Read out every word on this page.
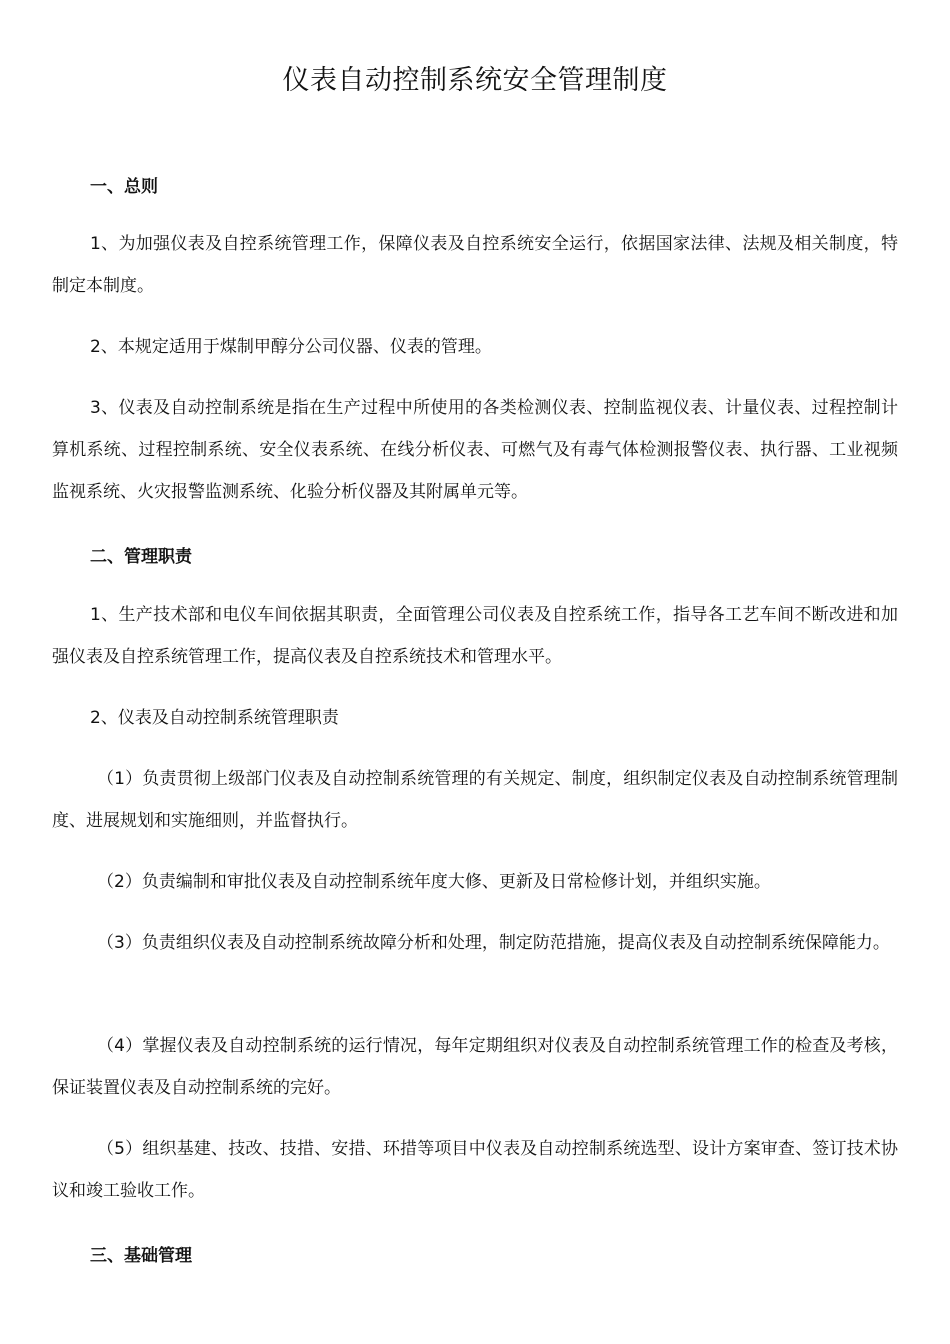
仪表自动控制系统安全管理制度
一、总则

1、为加强仪表及自控系统管理工作，保障仪表及自控系统安全运行，依据国家法律、法规及相关制度，特制定本制度。

2、本规定适用于煤制甲醇分公司仪器、仪表的管理。

3、仪表及自动控制系统是指在生产过程中所使用的各类检测仪表、控制监视仪表、计量仪表、过程控制计算机系统、过程控制系统、安全仪表系统、在线分析仪表、可燃气及有毒气体检测报警仪表、执行器、工业视频监视系统、火灾报警监测系统、化验分析仪器及其附属单元等。

二、管理职责

1、生产技术部和电仪车间依据其职责，全面管理公司仪表及自控系统工作，指导各工艺车间不断改进和加强仪表及自控系统管理工作，提高仪表及自控系统技术和管理水平。

2、仪表及自动控制系统管理职责

（1）负责贯彻上级部门仪表及自动控制系统管理的有关规定、制度，组织制定仪表及自动控制系统管理制度、进展规划和实施细则，并监督执行。

（2）负责编制和审批仪表及自动控制系统年度大修、更新及日常检修计划，并组织实施。

（3）负责组织仪表及自动控制系统故障分析和处理，制定防范措施，提高仪表及自动控制系统保障能力。

（4）掌握仪表及自动控制系统的运行情况，每年定期组织对仪表及自动控制系统管理工作的检查及考核，保证装置仪表及自动控制系统的完好。

（5）组织基建、技改、技措、安措、环措等项目中仪表及自动控制系统选型、设计方案审查、签订技术协议和竣工验收工作。

三、基础管理
